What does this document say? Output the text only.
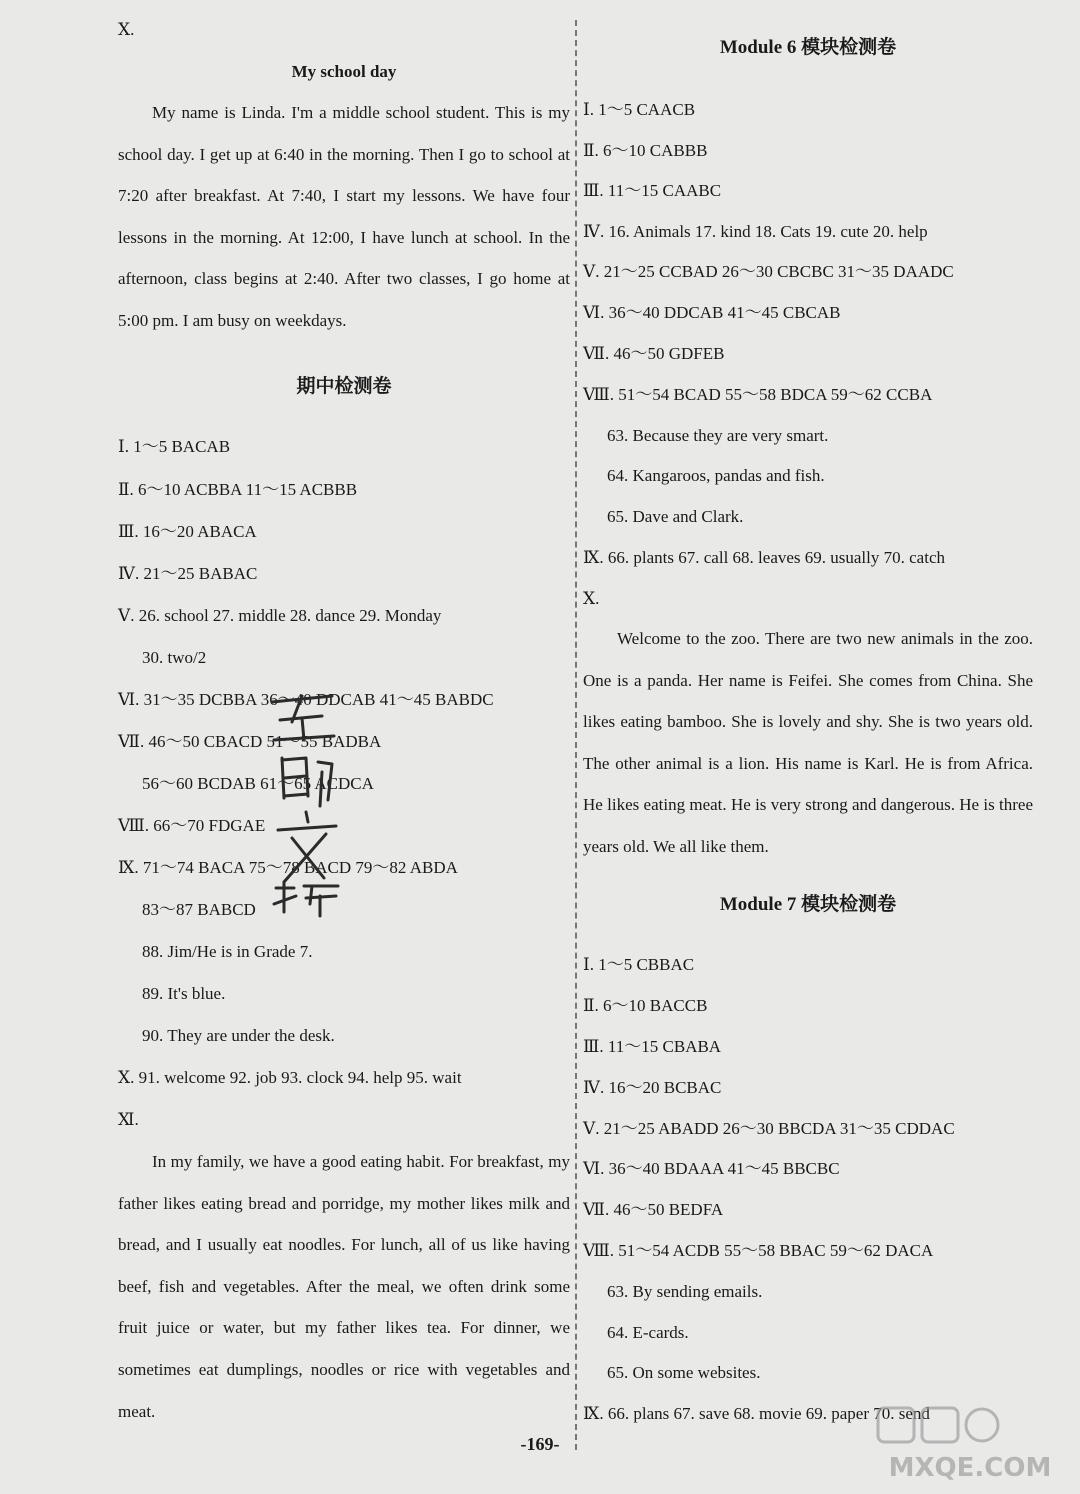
Ⅹ.
My school day

My name is Linda. I'm a middle school student. This is my school day. I get up at 6:40 in the morning. Then I go to school at 7:20 after breakfast. At 7:40, I start my lessons. We have four lessons in the morning. At 12:00, I have lunch at school. In the afternoon, class begins at 2:40. After two classes, I go home at 5:00 pm. I am busy on weekdays.

期中检测卷
Ⅰ. 1～5 BACAB
Ⅱ. 6～10 ACBBA 11～15 ACBBB
Ⅲ. 16～20 ABACA
Ⅳ. 21～25 BABAC
Ⅴ. 26. school 27. middle 28. dance 29. Monday
30. two/2
Ⅵ. 31～35 DCBBA 36～40 DDCAB 41～45 BABDC
Ⅶ. 46～50 CBACD 51～55 BADBA
56～60 BCDAB 61～65 ACDCA
Ⅷ. 66～70 FDGAE
Ⅸ. 71～74 BACA 75～78 BACD 79～82 ABDA
83～87 BABCD
88. Jim/He is in Grade 7.
89. It's blue.
90. They are under the desk.
Ⅹ. 91. welcome 92. job 93. clock 94. help 95. wait
Ⅺ.

In my family, we have a good eating habit. For breakfast, my father likes eating bread and porridge, my mother likes milk and bread, and I usually eat noodles. For lunch, all of us like having beef, fish and vegetables. After the meal, we often drink some fruit juice or water, but my father likes tea. For dinner, we sometimes eat dumplings, noodles or rice with vegetables and meat.

Module 6 模块检测卷
Ⅰ. 1～5 CAACB
Ⅱ. 6～10 CABBB
Ⅲ. 11～15 CAABC
Ⅳ. 16. Animals 17. kind 18. Cats 19. cute 20. help
Ⅴ. 21～25 CCBAD 26～30 CBCBC 31～35 DAADC
Ⅵ. 36～40 DDCAB 41～45 CBCAB
Ⅶ. 46～50 GDFEB
Ⅷ. 51～54 BCAD 55～58 BDCA 59～62 CCBA
63. Because they are very smart.
64. Kangaroos, pandas and fish.
65. Dave and Clark.
Ⅸ. 66. plants 67. call 68. leaves 69. usually 70. catch
Ⅹ.

Welcome to the zoo. There are two new animals in the zoo. One is a panda. Her name is Feifei. She comes from China. She likes eating bamboo. She is lovely and shy. She is two years old. The other animal is a lion. His name is Karl. He is from Africa. He likes eating meat. He is very strong and dangerous. He is three years old. We all like them.

Module 7 模块检测卷
Ⅰ. 1～5 CBBAC
Ⅱ. 6～10 BACCB
Ⅲ. 11～15 CBABA
Ⅳ. 16～20 BCBAC
Ⅴ. 21～25 ABADD 26～30 BBCDA 31～35 CDDAC
Ⅵ. 36～40 BDAAA 41～45 BBCBC
Ⅶ. 46～50 BEDFA
Ⅷ. 51～54 ACDB 55～58 BBAC 59～62 DACA
63. By sending emails.
64. E-cards.
65. On some websites.
Ⅸ. 66. plans 67. save 68. movie 69. paper 70. send
-169-
MXQE.COM
